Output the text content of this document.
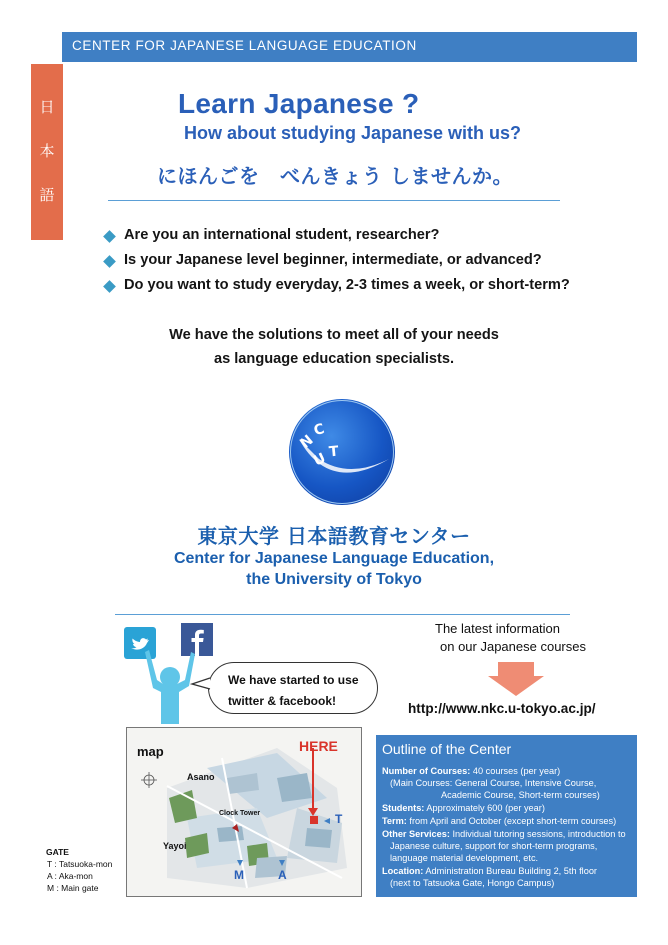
CENTER FOR JAPANESE LANGUAGE EDUCATION
日
本
語
Learn Japanese ?
How about studying Japanese with us?
にほんごを　べんきょう しませんか。
Are you an international student, researcher?
Is your Japanese level beginner, intermediate, or advanced?
Do you want to study everyday, 2-3 times a week, or short-term?
We have the solutions to meet all of your needs
as language education specialists.
N
C
U T
東京大学 日本語教育センター
Center for Japanese Language Education,
the University of Tokyo
We have started to use
twitter & facebook!
The latest information
on our Japanese courses
http://www.nkc.u-tokyo.ac.jp/
map	HERE
Asano
Clock Tower
Yayoi
M	A
T
GATE
T : Tatsuoka-mon
A : Aka-mon
M : Main gate
Outline of the Center
Number of Courses: 40 courses (per year)
(Main Courses: General Course, Intensive Course,
Academic Course, Short-term courses)
Students: Approximately 600 (per year)
Term: from April and October (except short-term courses)
Other Services: Individual tutoring sessions, introduction to
Japanese culture, support for short-term programs,
language material development, etc.
Location: Administration Bureau Building 2, 5th floor
(next to Tatsuoka Gate, Hongo Campus)
